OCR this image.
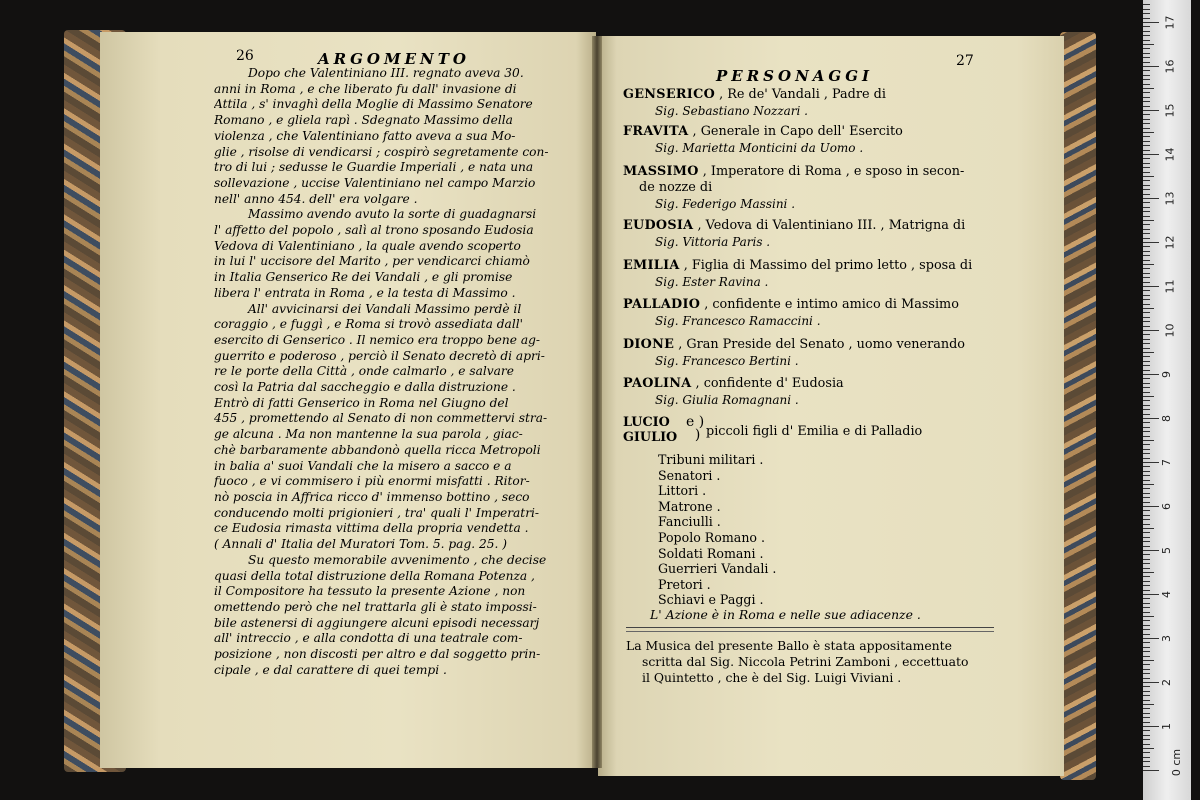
26	ARGOMENTO
Dopo che Valentiniano III. regnato aveva 30.
anni in Roma , e che liberato fu dall' invasione di
Attila , s' invaghì della Moglie di Massimo Senatore
Romano , e gliela rapì . Sdegnato Massimo della
violenza , che Valentiniano fatto aveva a sua Mo-
glie , risolse di vendicarsi ; cospirò segretamente con-
tro di lui ; sedusse le Guardie Imperiali , e nata una
sollevazione , uccise Valentiniano nel campo Marzio
nell' anno 454. dell' era volgare .
Massimo avendo avuto la sorte di guadagnarsi
l' affetto del popolo , salì al trono sposando Eudosia
Vedova di Valentiniano , la quale avendo scoperto
in lui l' uccisore del Marito , per vendicarci chiamò
in Italia Genserico Re dei Vandali , e gli promise
libera l' entrata in Roma , e la testa di Massimo .
All' avvicinarsi dei Vandali Massimo perdè il
coraggio , e fuggì , e Roma si trovò assediata dall'
esercito di Genserico . Il nemico era troppo bene ag-
guerrito e poderoso , perciò il Senato decretò di apri-
re le porte della Città , onde calmarlo , e salvare
così la Patria dal saccheggio e dalla distruzione .
Entrò di fatti Genserico in Roma nel Giugno del
455 , promettendo al Senato di non commettervi stra-
ge alcuna . Ma non mantenne la sua parola , giac-
chè barbaramente abbandonò quella ricca Metropoli
in balia a' suoi Vandali che la misero a sacco e a
fuoco , e vi commisero i più enormi misfatti . Ritor-
nò poscia in Affrica ricco d' immenso bottino , seco
conducendo molti prigionieri , tra' quali l' Imperatri-
ce Eudosia rimasta vittima della propria vendetta .
( Annali d' Italia del Muratori Tom. 5. pag. 25. )
Su questo memorabile avvenimento , che decise
quasi della total distruzione della Romana Potenza ,
il Compositore ha tessuto la presente Azione , non
omettendo però che nel trattarla gli è stato impossi-
bile astenersi di aggiungere alcuni episodi necessarj
all' intreccio , e alla condotta di una teatrale com-
posizione , non discosti per altro e dal soggetto prin-
cipale , e dal carattere di quei tempi .
PERSONAGGI
27
GENSERICO , Re de' Vandali , Padre di
Sig. Sebastiano Nozzari .
FRAVITA , Generale in Capo dell' Esercito
Sig. Marietta Monticini da Uomo .
MASSIMO , Imperatore di Roma , e sposo in secon-
de nozze di
Sig. Federigo Massini .
EUDOSIA , Vedova di Valentiniano III. , Matrigna di
Sig. Vittoria Paris .
EMILIA , Figlia di Massimo del primo letto , sposa di
Sig. Ester Ravina .
PALLADIO , confidente e intimo amico di Massimo
Sig. Francesco Ramaccini .
DIONE , Gran Preside del Senato , uomo venerando
Sig. Francesco Bertini .
PAOLINA , confidente d' Eudosia
Sig. Giulia Romagnani .
LUCIO
GIULIO
e )
) piccoli figli d' Emilia e di Palladio
Tribuni militari .
Senatori .
Littori .
Matrone .
Fanciulli .
Popolo Romano .
Soldati Romani .
Guerrieri Vandali .
Pretori .
Schiavi e Paggi .
L' Azione è in Roma e nelle sue adiacenze .
La Musica del presente Ballo è stata appositamente
scritta dal Sig. Niccola Petrini Zamboni , eccettuato
il Quintetto , che è del Sig. Luigi Viviani .
17
16
15
14
13
12
11
10
9
8
7
6
5
4
3
2
1
0 cm
